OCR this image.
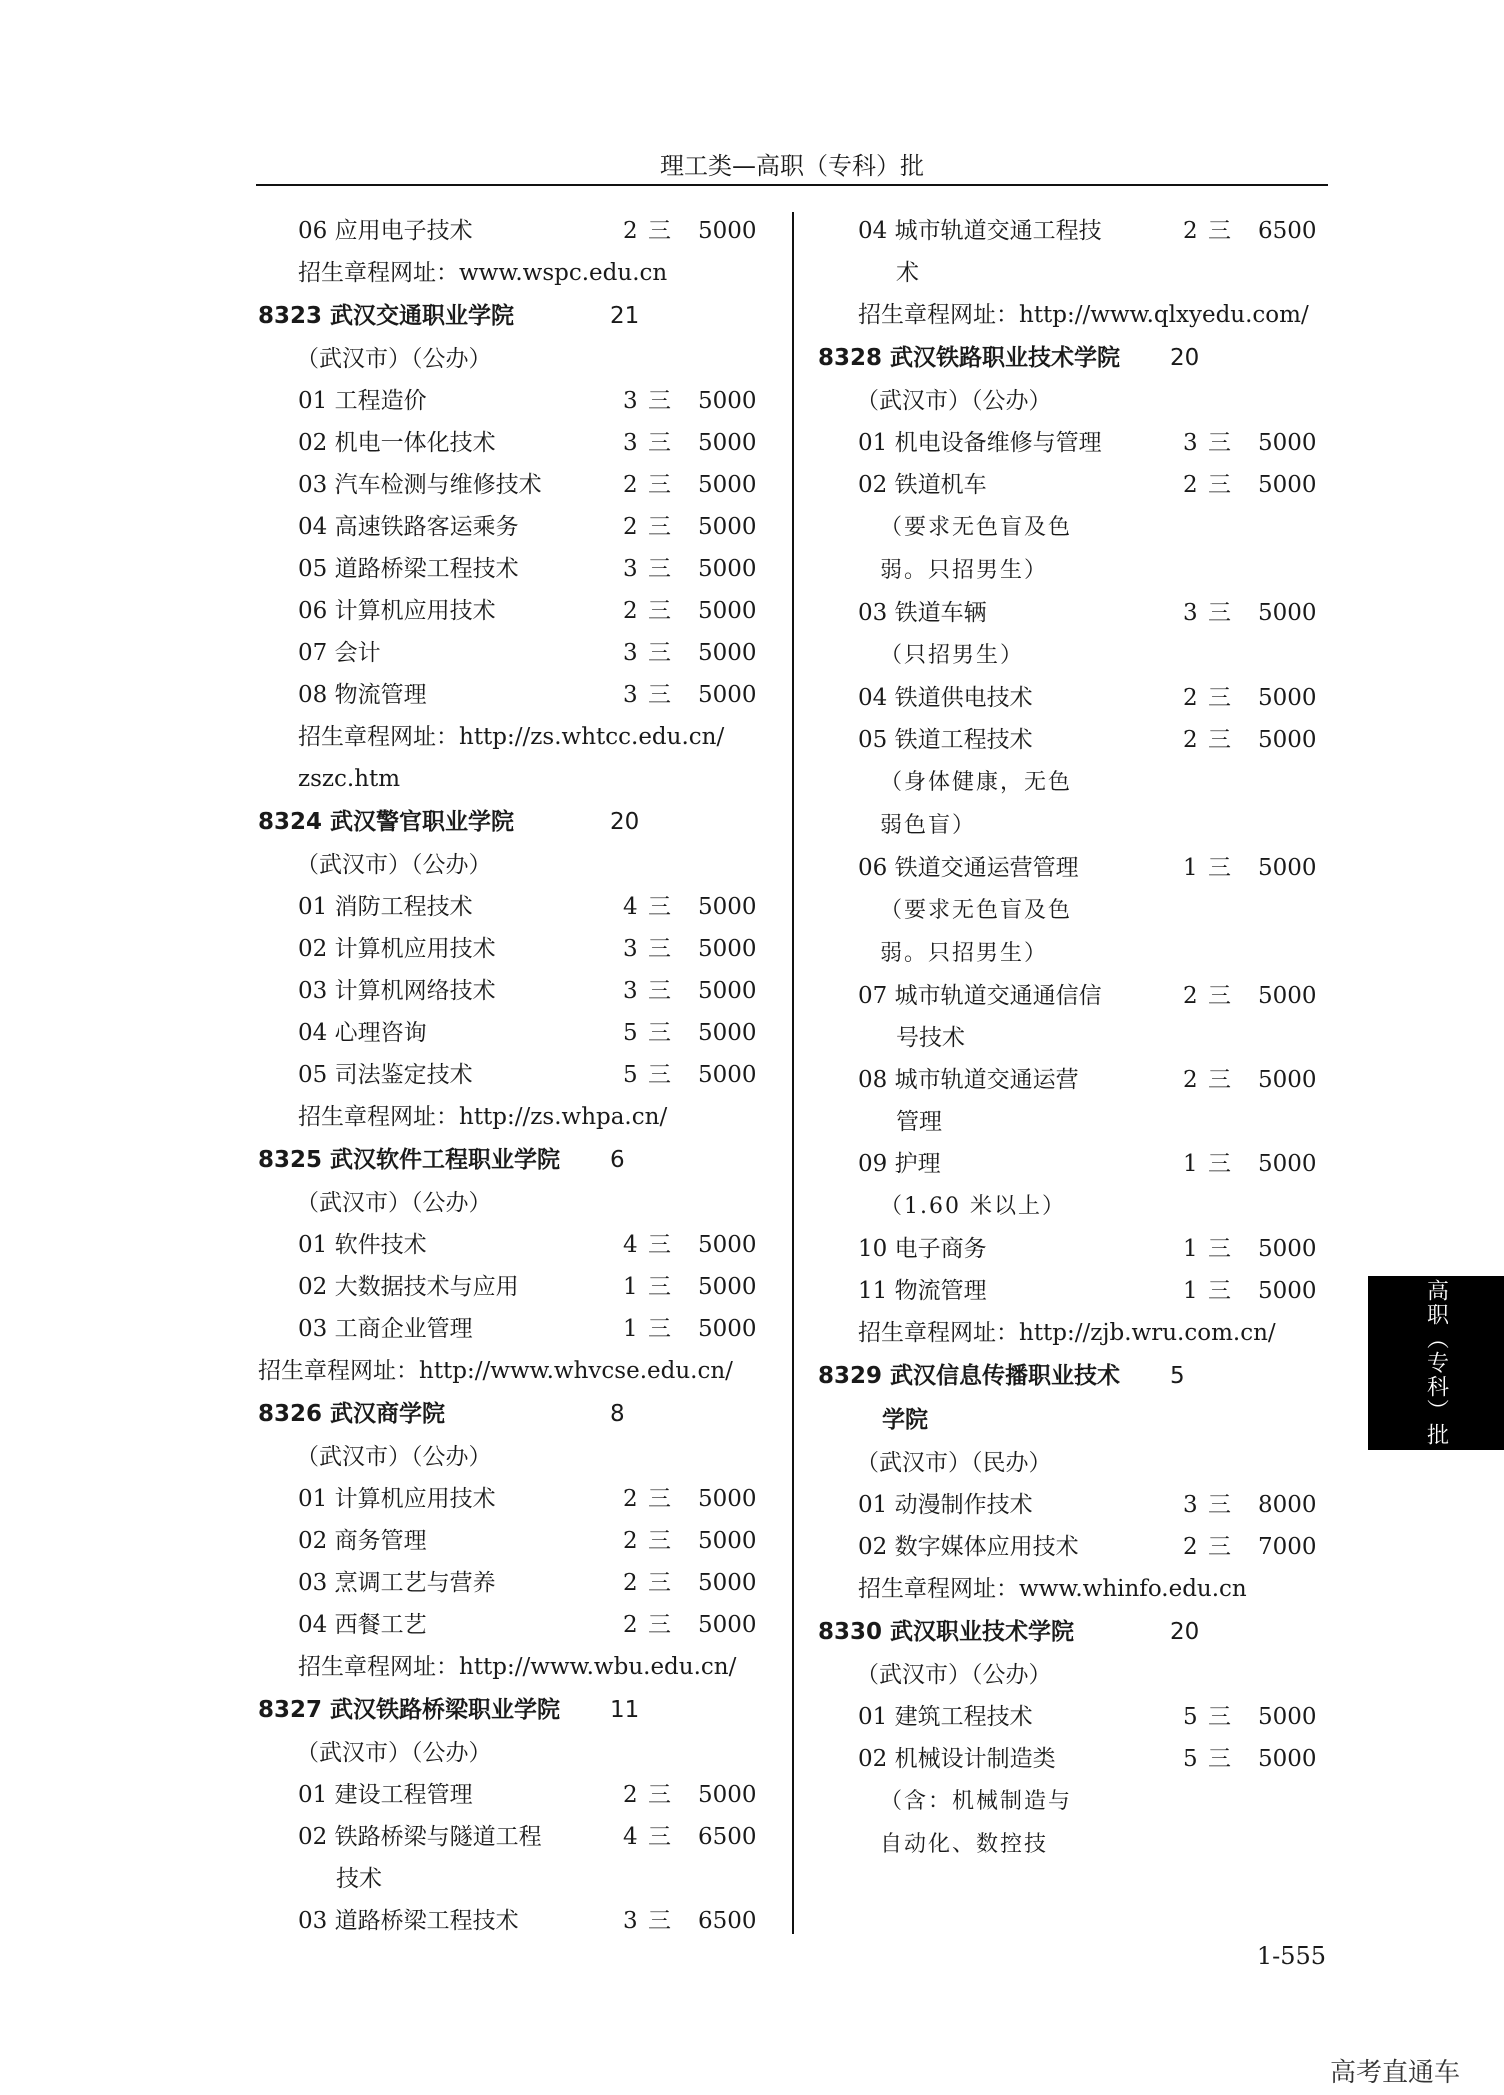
理工类—高职（专科）批
06 应用电子技术	2 三 5000
招生章程网址：www.wspc.edu.cn
8323 武汉交通职业学院	21
（武汉市）（公办）
01 工程造价	3 三 5000
02 机电一体化技术	3 三 5000
03 汽车检测与维修技术	2 三 5000
04 高速铁路客运乘务	2 三 5000
05 道路桥梁工程技术	3 三 5000
06 计算机应用技术	2 三 5000
07 会计	3 三 5000
08 物流管理	3 三 5000
招生章程网址：http://zs.whtcc.edu.cn/
zszc.htm
8324 武汉警官职业学院	20
（武汉市）（公办）
01 消防工程技术	4 三 5000
02 计算机应用技术	3 三 5000
03 计算机网络技术	3 三 5000
04 心理咨询	5 三 5000
05 司法鉴定技术	5 三 5000
招生章程网址：http://zs.whpa.cn/
8325 武汉软件工程职业学院 6
（武汉市）（公办）
01 软件技术	4 三 5000
02 大数据技术与应用	1 三 5000
03 工商企业管理	1 三 5000
招生章程网址：http://www.whvcse.edu.cn/
8326 武汉商学院	8
（武汉市）（公办）
01 计算机应用技术	2 三 5000
02 商务管理	2 三 5000
03 烹调工艺与营养	2 三 5000
04 西餐工艺	2 三 5000
招生章程网址：http://www.wbu.edu.cn/
8327 武汉铁路桥梁职业学院 11
（武汉市）（公办）
01 建设工程管理	2 三 5000
02 铁路桥梁与隧道工程	4 三 6500
技术
03 道路桥梁工程技术	3 三 6500
04 城市轨道交通工程技	2 三 6500
术
招生章程网址：http://www.qlxyedu.com/
8328 武汉铁路职业技术学院 20
（武汉市）（公办）
01 机电设备维修与管理	3 三 5000
02 铁道机车	2 三 5000
（要求无色盲及色
弱。只招男生）
03 铁道车辆	3 三 5000
（只招男生）
04 铁道供电技术	2 三 5000
05 铁道工程技术	2 三 5000
（身体健康，无色
弱色盲）
06 铁道交通运营管理	1 三 5000
（要求无色盲及色
弱。只招男生）
07 城市轨道交通通信信	2 三 5000
号技术
08 城市轨道交通运营	2 三 5000
管理
09 护理	1 三 5000
（1.60 米以上）
10 电子商务	1 三 5000
11 物流管理	1 三 5000
招生章程网址：http://zjb.wru.com.cn/
8329 武汉信息传播职业技术 5
学院
（武汉市）（民办）
01 动漫制作技术	3 三 8000
02 数字媒体应用技术	2 三 7000
招生章程网址：www.whinfo.edu.cn
8330 武汉职业技术学院	20
（武汉市）（公办）
01 建筑工程技术	5 三 5000
02 机械设计制造类	5 三 5000
（含：机械制造与
自动化、数控技
高职（专科）批
1-555
高考直通车
